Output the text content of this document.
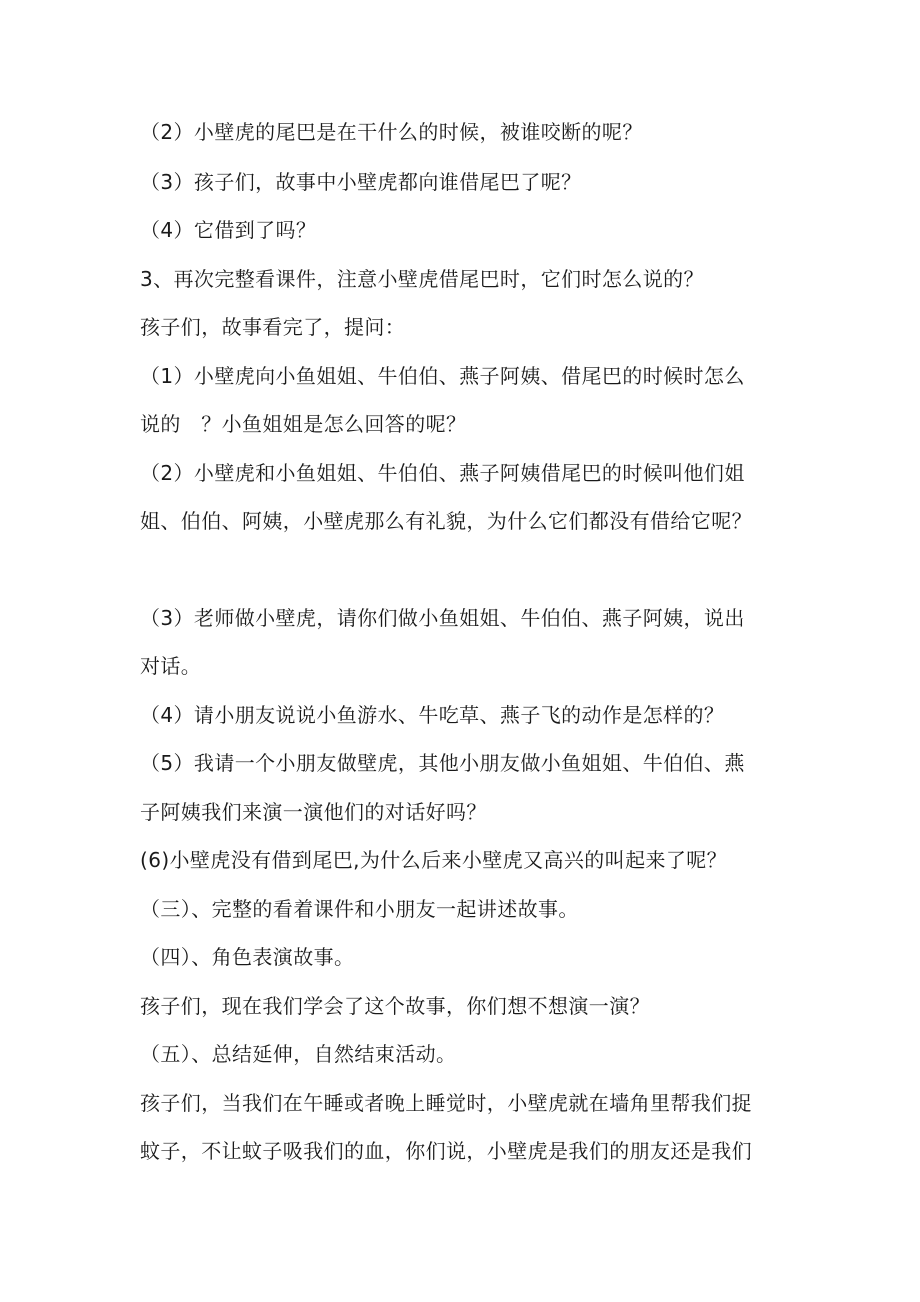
（2）小壁虎的尾巴是在干什么的时候，被谁咬断的呢？
（3）孩子们，故事中小壁虎都向谁借尾巴了呢？
（4）它借到了吗？
3、再次完整看课件，注意小壁虎借尾巴时，它们时怎么说的？
孩子们，故事看完了，提问：
（1）小壁虎向小鱼姐姐、牛伯伯、燕子阿姨、借尾巴的时候时怎么
说的　？小鱼姐姐是怎么回答的呢？
（2）小壁虎和小鱼姐姐、牛伯伯、燕子阿姨借尾巴的时候叫他们姐
姐、伯伯、阿姨，小壁虎那么有礼貌，为什么它们都没有借给它呢？
（3）老师做小壁虎，请你们做小鱼姐姐、牛伯伯、燕子阿姨，说出
对话。
（4）请小朋友说说小鱼游水、牛吃草、燕子飞的动作是怎样的？
（5）我请一个小朋友做壁虎，其他小朋友做小鱼姐姐、牛伯伯、燕
子阿姨我们来演一演他们的对话好吗？
(6)小壁虎没有借到尾巴,为什么后来小壁虎又高兴的叫起来了呢？
（三）、完整的看着课件和小朋友一起讲述故事。
（四）、角色表演故事。
孩子们，现在我们学会了这个故事，你们想不想演一演？
（五）、总结延伸，自然结束活动。
孩子们，当我们在午睡或者晚上睡觉时，小壁虎就在墙角里帮我们捉
蚊子，不让蚊子吸我们的血，你们说，小壁虎是我们的朋友还是我们
